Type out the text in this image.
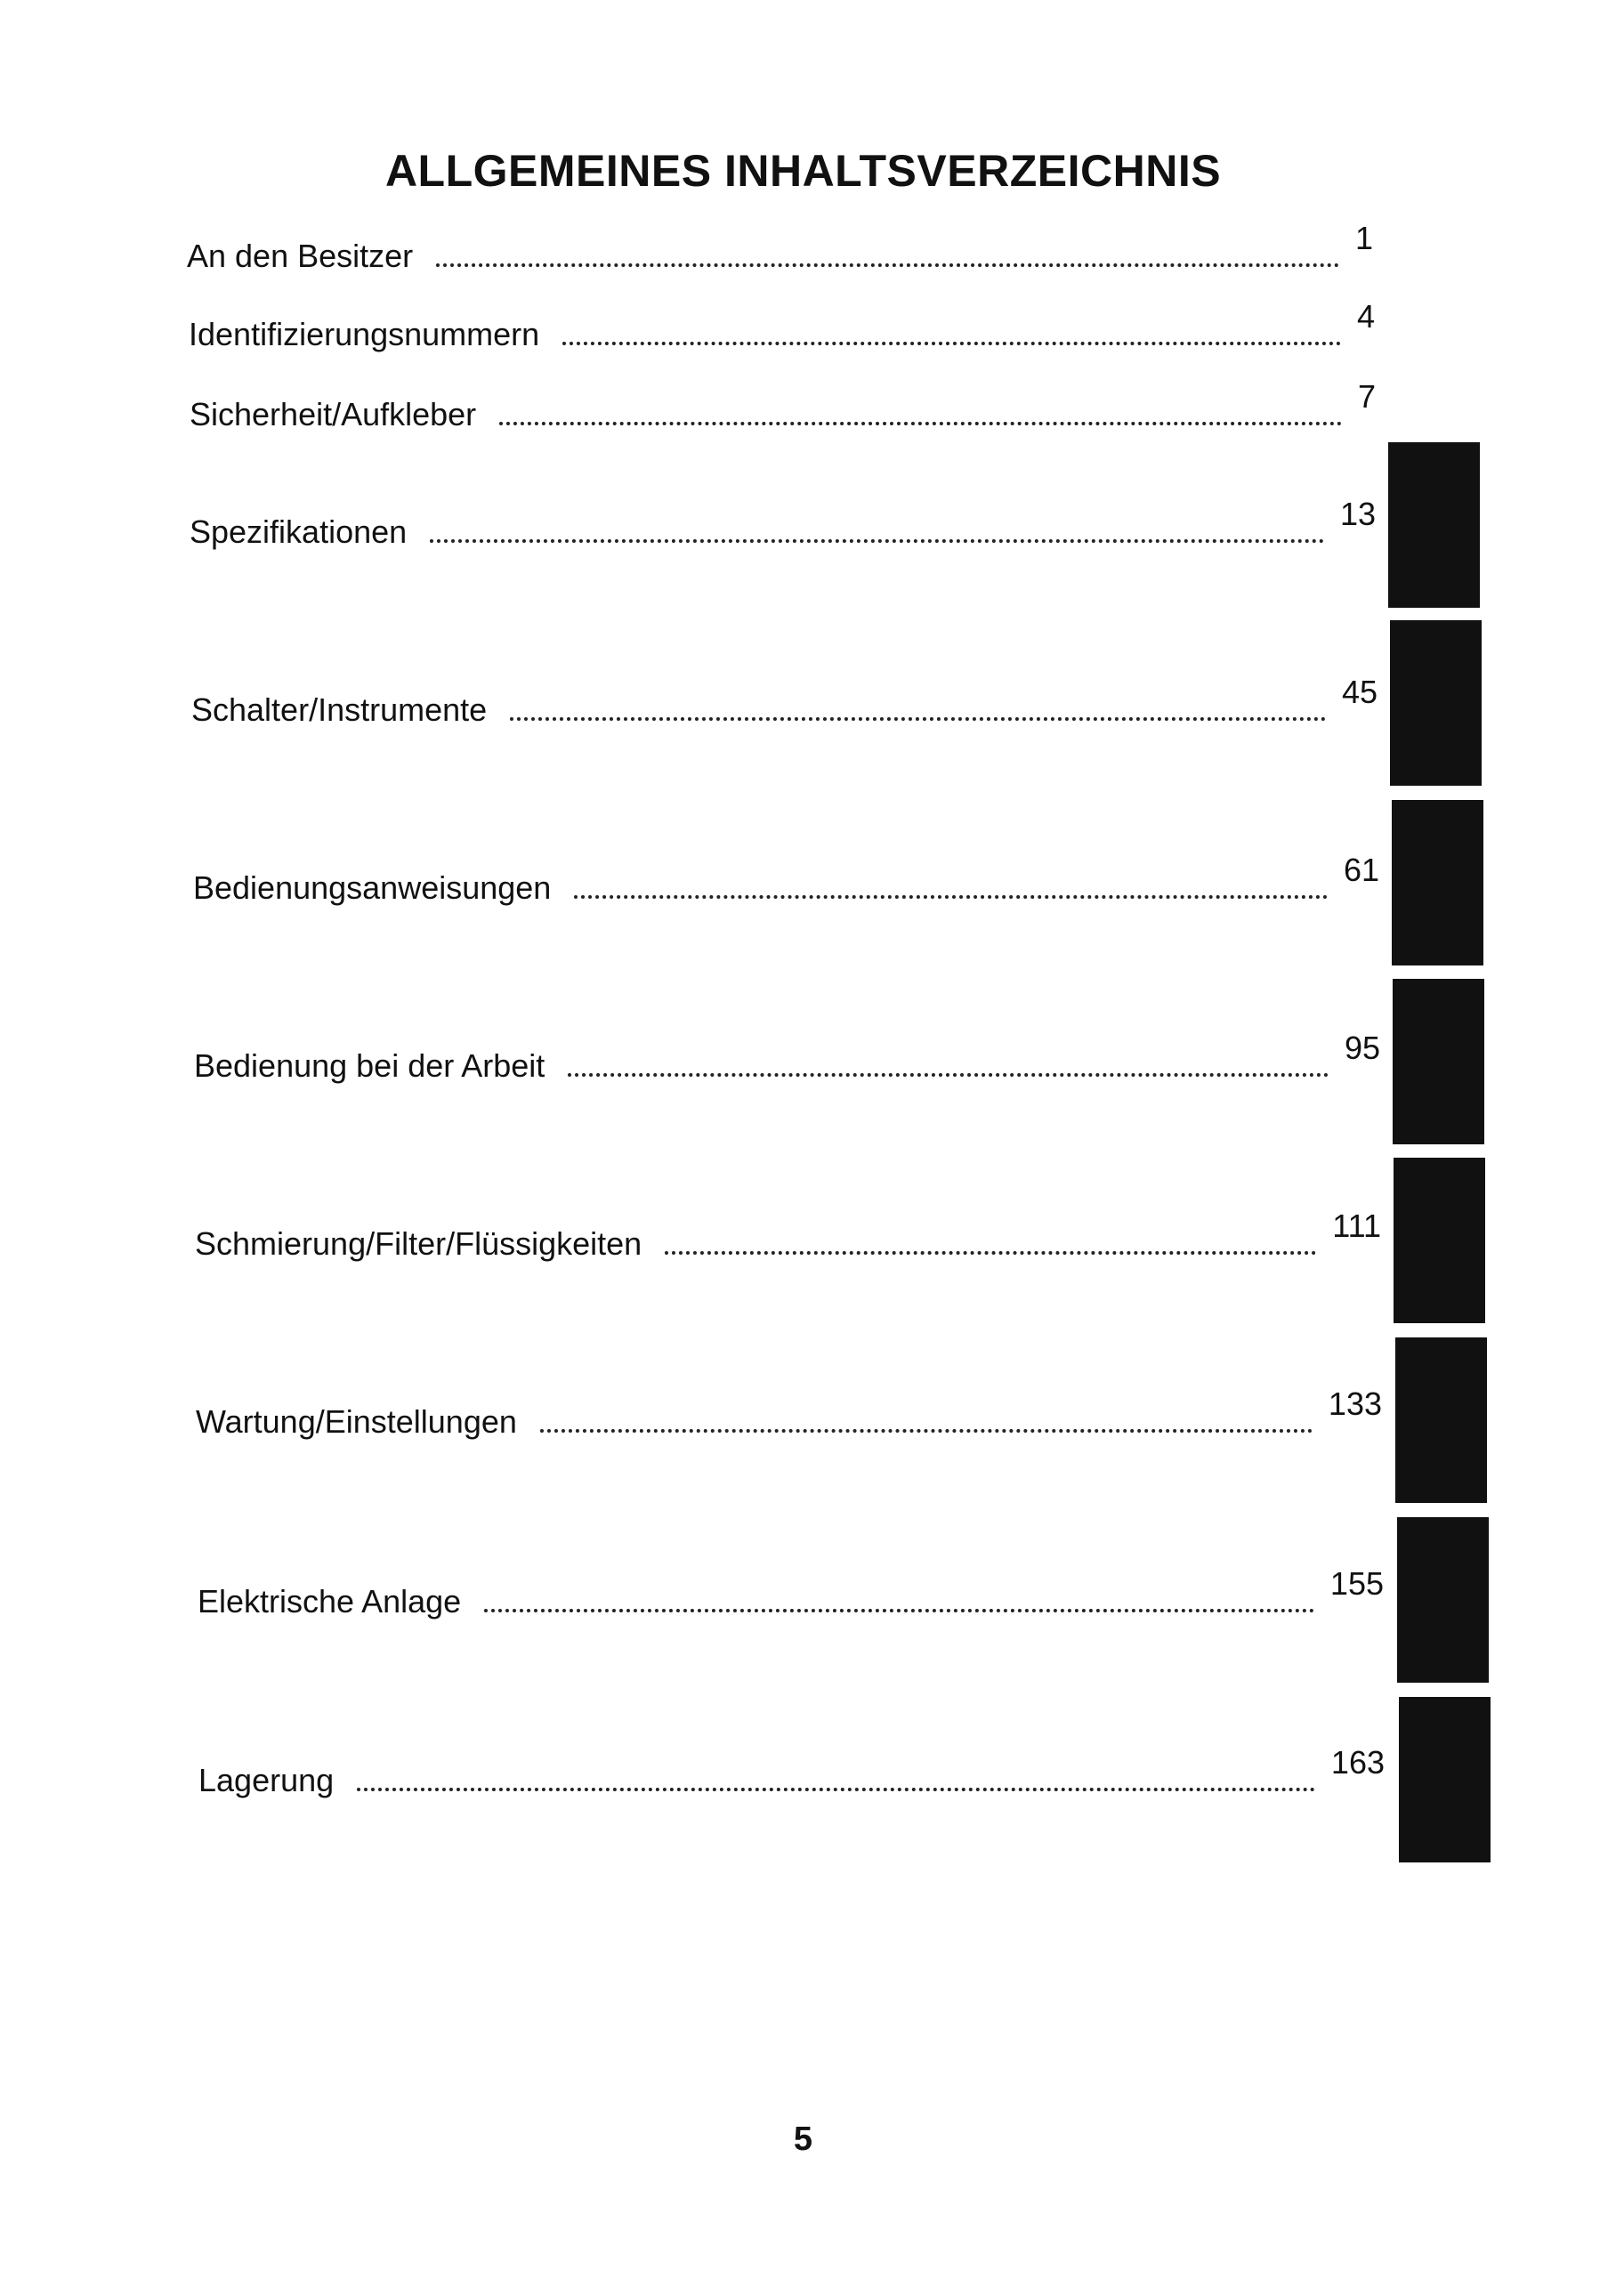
ALLGEMEINES INHALTSVERZEICHNIS
An den Besitzer	1
Identifizierungsnummern	4
Sicherheit/Aufkleber	7
Spezifikationen	13
Schalter/Instrumente	45
Bedienungsanweisungen	61
Bedienung bei der Arbeit	95
Schmierung/Filter/Flüssigkeiten	111
Wartung/Einstellungen	133
Elektrische Anlage	155
Lagerung	163
5
